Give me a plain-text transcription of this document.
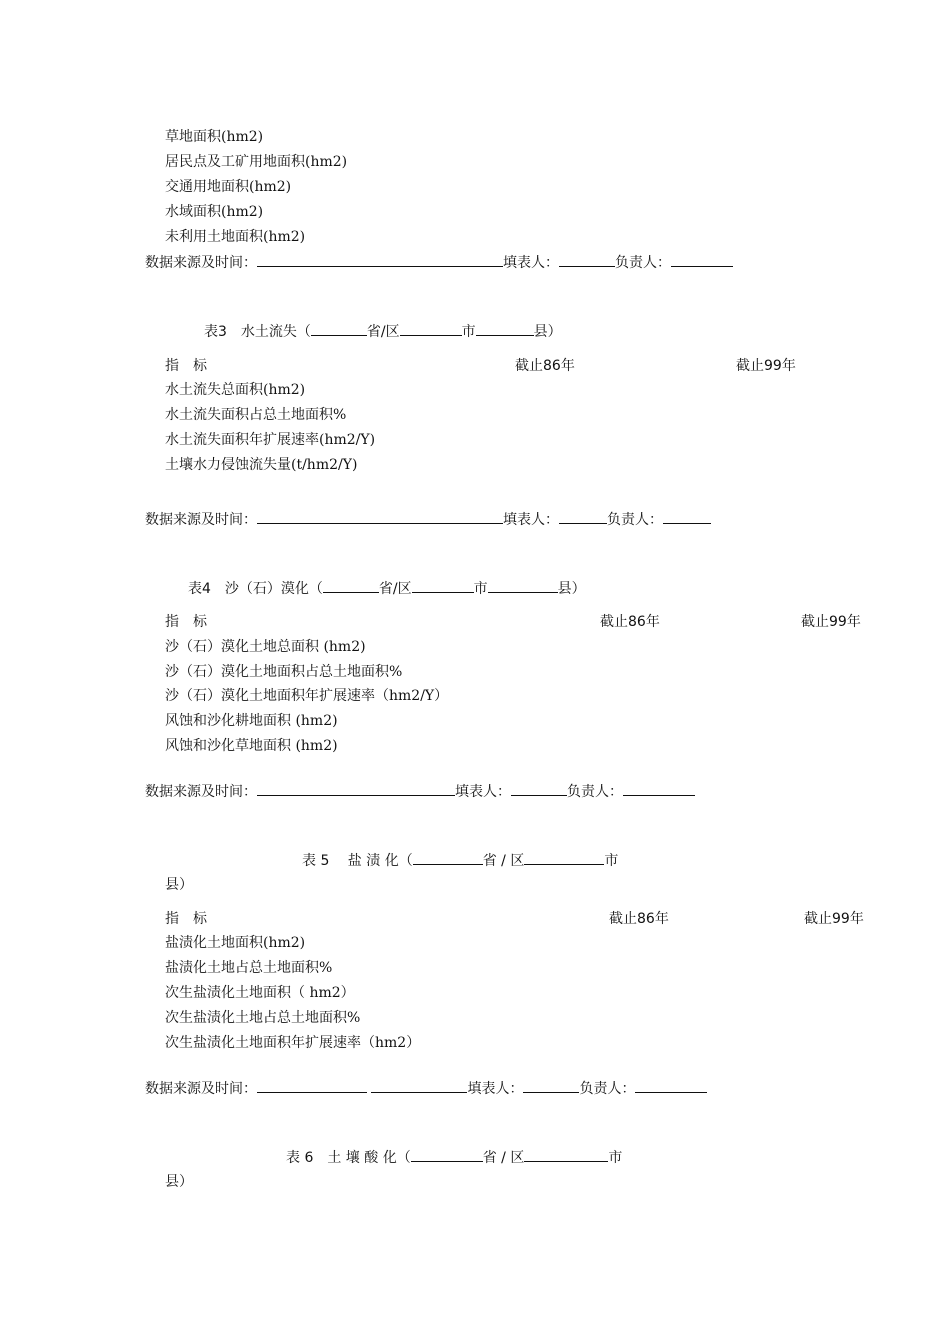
草地面积(hm2)
居民点及工矿用地面积(hm2)
交通用地面积(hm2)
水域面积(hm2)
未利用土地面积(hm2)
数据来源及时间：	填表人：	负责人：
表3　水土流失（	省/区	市	县）
指　标	截止86年	截止99年
水土流失总面积(hm2)
水土流失面积占总土地面积%
水土流失面积年扩展速率(hm2/Y)
土壤水力侵蚀流失量(t/hm2/Y)
数据来源及时间：	填表人：	负责人：
表4　沙（石）漠化（	省/区	市	县）
指　标	截止86年	截止99年
沙（石）漠化土地总面积 (hm2)
沙（石）漠化土地面积占总土地面积%
沙（石）漠化土地面积年扩展速率（hm2/Y）
风蚀和沙化耕地面积 (hm2)
风蚀和沙化草地面积 (hm2)
数据来源及时间：	填表人：	负责人：
表 5　 盐 渍 化（	省 / 区	市
县）
指　标	截止86年	截止99年
盐渍化土地面积(hm2)
盐渍化土地占总土地面积%
次生盐渍化土地面积（ hm2）
次生盐渍化土地占总土地面积%
次生盐渍化土地面积年扩展速率（hm2）
数据来源及时间：	填表人：	负责人：
表 6　土 壤 酸 化（	省 / 区	市
县）
